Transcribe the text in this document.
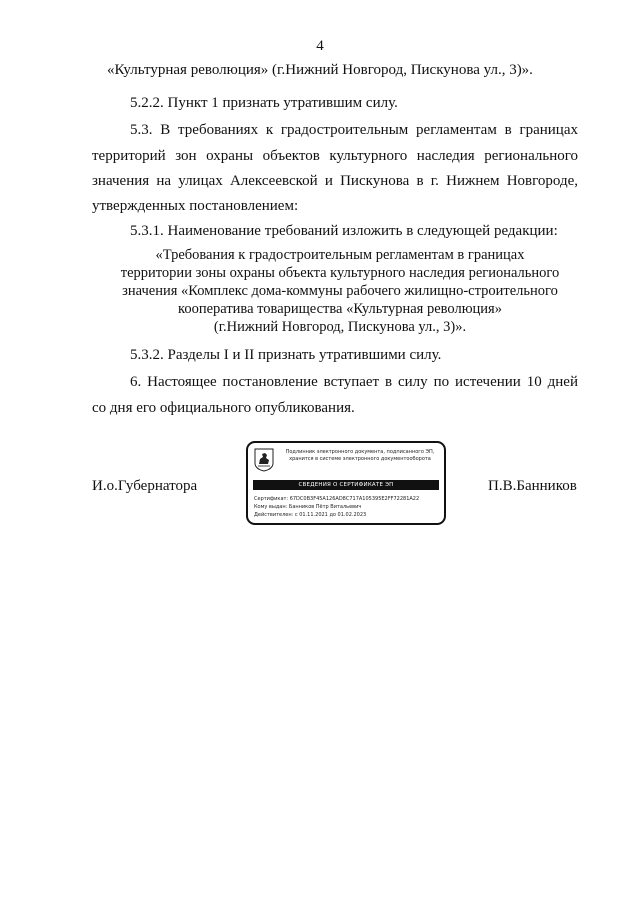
4
«Культурная революция» (г.Нижний Новгород, Пискунова ул., 3)».
5.2.2. Пункт 1 признать утратившим силу.
5.3. В требованиях к градостроительным регламентам в границах
территорий зон охраны объектов культурного наследия регионального
значения на улицах Алексеевской и Пискунова в г. Нижнем Новгороде,
утвержденных постановлением:
5.3.1. Наименование требований изложить в следующей редакции:
«Требования к градостроительным регламентам в границах
территории зоны охраны объекта культурного наследия регионального
значения «Комплекс дома-коммуны рабочего жилищно-строительного
кооператива товарищества «Культурная революция»
(г.Нижний Новгород, Пискунова ул., 3)».
5.3.2. Разделы I и II признать утратившими силу.
6. Настоящее постановление вступает в силу по истечении 10 дней
со дня его официального опубликования.
И.о.Губернатора	П.В.Банников
Подлинник электронного документа, подписанного ЭП,
хранится в системе электронного документооборота
СВЕДЕНИЯ О СЕРТИФИКАТЕ ЭП
Сертификат: 67DC0B3F45A126AD8C717A105395E2FF72281A22
Кому выдан: Банников Пётр Витальевич
Действителен: с 01.11.2021 до 01.02.2023
